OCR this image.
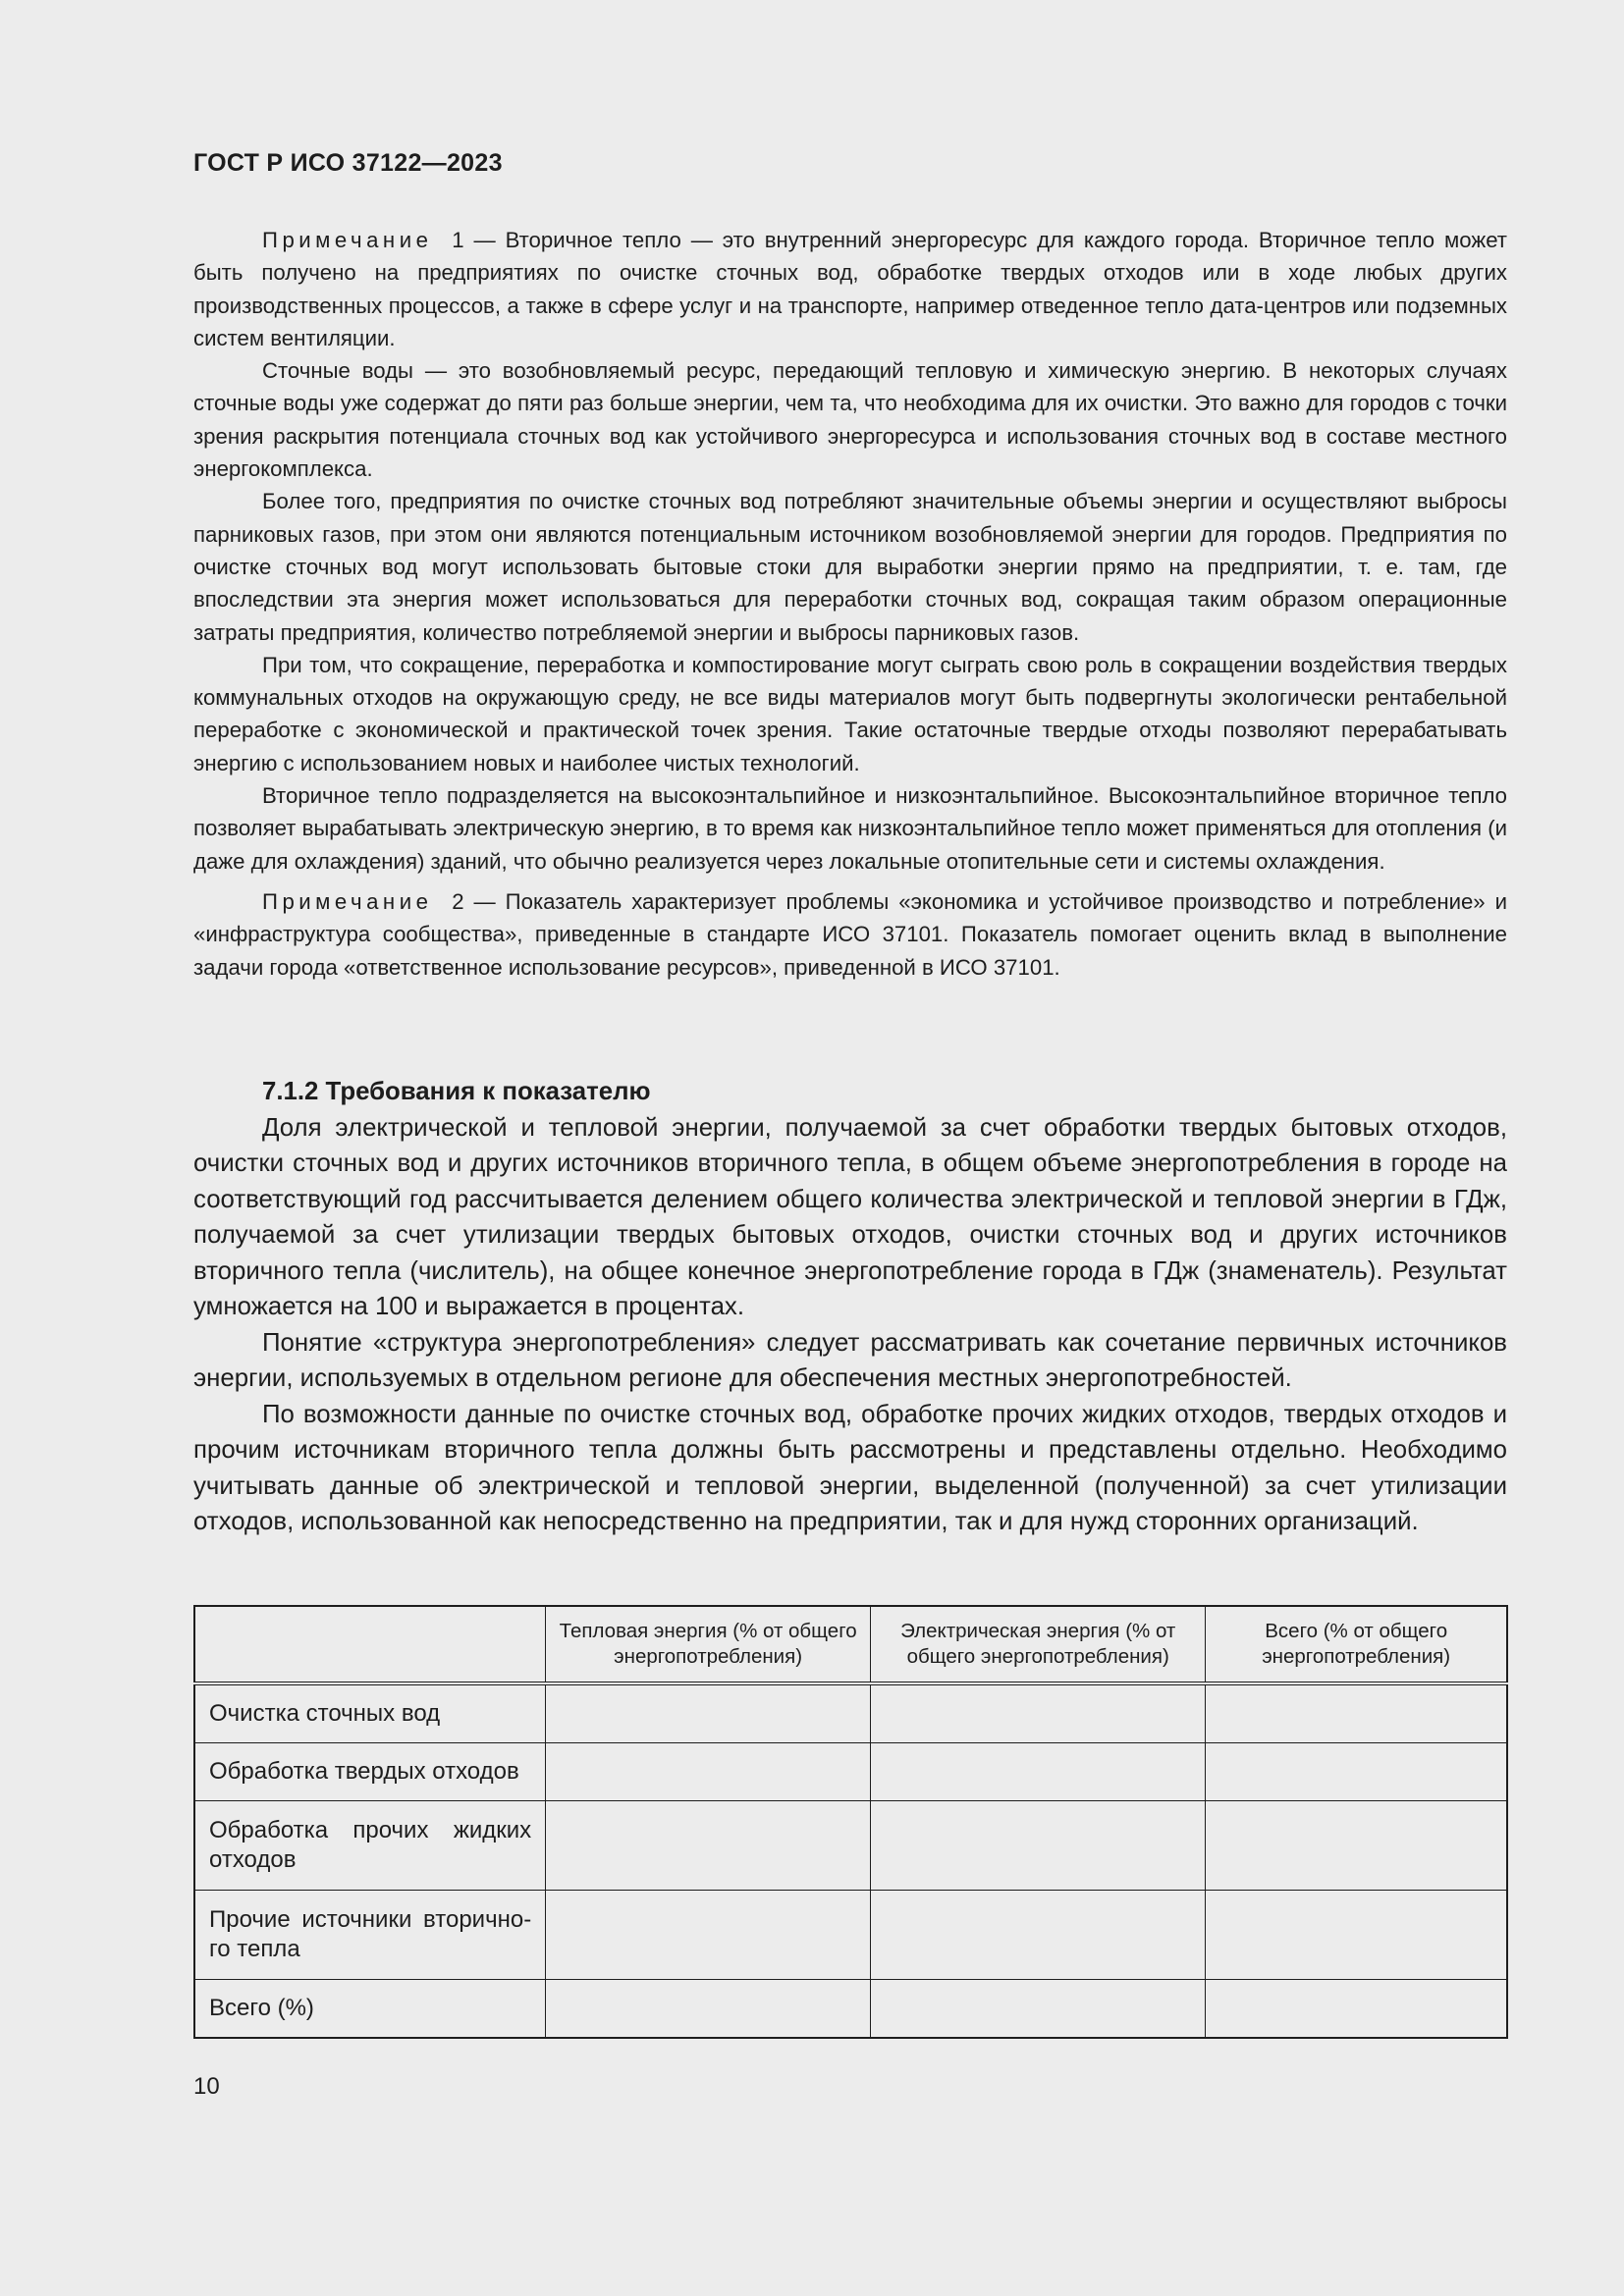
ГОСТ Р ИСО 37122—2023

Примечание 1 — Вторичное тепло — это внутренний энергоресурс для каждого города. Вторичное тепло может быть получено на предприятиях по очистке сточных вод, обработке твердых отходов или в ходе любых других производственных процессов, а также в сфере услуг и на транспорте, например отведенное тепло дата-центров или подземных систем вентиляции.

Сточные воды — это возобновляемый ресурс, передающий тепловую и химическую энергию. В некоторых случаях сточные воды уже содержат до пяти раз больше энергии, чем та, что необходима для их очистки. Это важно для городов с точки зрения раскрытия потенциала сточных вод как устойчивого энергоресурса и использования сточных вод в составе местного энергокомплекса.

Более того, предприятия по очистке сточных вод потребляют значительные объемы энергии и осуществляют выбросы парниковых газов, при этом они являются потенциальным источником возобновляемой энергии для городов. Предприятия по очистке сточных вод могут использовать бытовые стоки для выработки энергии прямо на предприятии, т. е. там, где впоследствии эта энергия может использоваться для переработки сточных вод, сокращая таким образом операционные затраты предприятия, количество потребляемой энергии и выбросы парниковых газов.

При том, что сокращение, переработка и компостирование могут сыграть свою роль в сокращении воздействия твердых коммунальных отходов на окружающую среду, не все виды материалов могут быть подвергнуты экологически рентабельной переработке с экономической и практической точек зрения. Такие остаточные твердые отходы позволяют перерабатывать энергию с использованием новых и наиболее чистых технологий.

Вторичное тепло подразделяется на высокоэнтальпийное и низкоэнтальпийное. Высокоэнтальпийное вторичное тепло позволяет вырабатывать электрическую энергию, в то время как низкоэнтальпийное тепло может применяться для отопления (и даже для охлаждения) зданий, что обычно реализуется через локальные отопительные сети и системы охлаждения.

Примечание 2 — Показатель характеризует проблемы «экономика и устойчивое производство и потребление» и «инфраструктура сообщества», приведенные в стандарте ИСО 37101. Показатель помогает оценить вклад в выполнение задачи города «ответственное использование ресурсов», приведенной в ИСО 37101.

7.1.2 Требования к показателю

Доля электрической и тепловой энергии, получаемой за счет обработки твердых бытовых отходов, очистки сточных вод и других источников вторичного тепла, в общем объеме энергопотребления в городе на соответствующий год рассчитывается делением общего количества электрической и тепловой энергии в ГДж, получаемой за счет утилизации твердых бытовых отходов, очистки сточных вод и других источников вторичного тепла (числитель), на общее конечное энергопотребление города в ГДж (знаменатель). Результат умножается на 100 и выражается в процентах.

Понятие «структура энергопотребления» следует рассматривать как сочетание первичных источников энергии, используемых в отдельном регионе для обеспечения местных энергопотребностей.

По возможности данные по очистке сточных вод, обработке прочих жидких отходов, твердых отходов и прочим источникам вторичного тепла должны быть рассмотрены и представлены отдельно. Необходимо учитывать данные об электрической и тепловой энергии, выделенной (полученной) за счет утилизации отходов, использованной как непосредственно на предприятии, так и для нужд сторонних организаций.

	Тепловая энергия (% от общего энергопотребления)	Электрическая энергия (% от общего энергопотребления)	Всего (% от общего энергопотребления)

Очистка сточных вод			

Обработка твердых отходов			

Обработка прочих жидких отходов			

Прочие источники вторичного тепла			

Всего (%)			

10
